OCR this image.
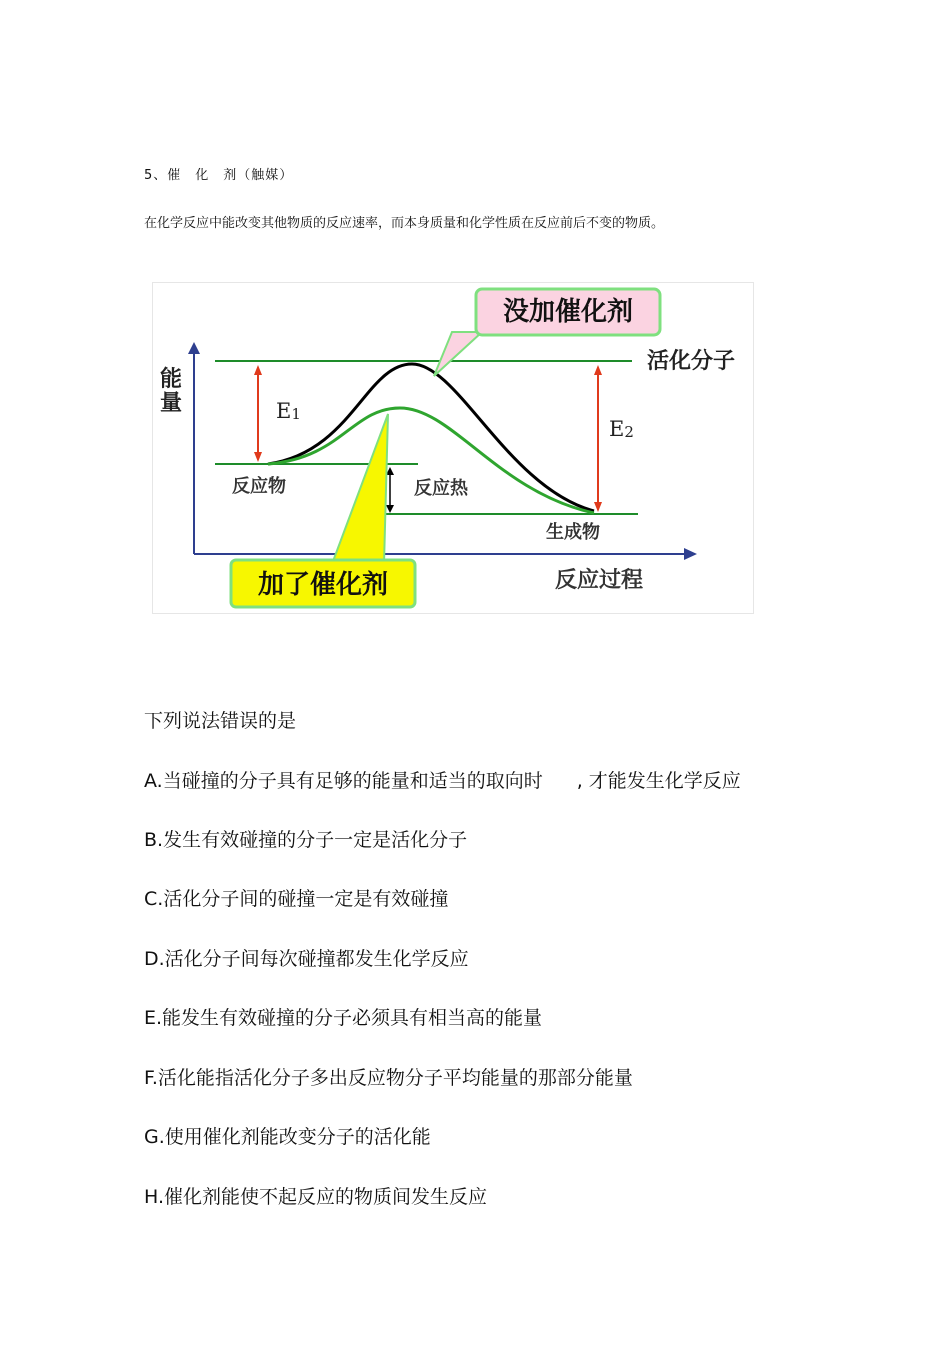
5、催　化　剂（触媒）
在化学反应中能改变其他物质的反应速率，而本身质量和化学性质在反应前后不变的物质。
没加催化剂
加了催化剂
活化分子
能
量
反应过程
E1
E2
反应物	反应热
生成物
下列说法错误的是
A.当碰撞的分子具有足够的能量和适当的取向时 , 才能发生化学反应
B.发生有效碰撞的分子一定是活化分子
C.活化分子间的碰撞一定是有效碰撞
D.活化分子间每次碰撞都发生化学反应
E.能发生有效碰撞的分子必须具有相当高的能量
F.活化能指活化分子多出反应物分子平均能量的那部分能量
G.使用催化剂能改变分子的活化能
H.催化剂能使不起反应的物质间发生反应
